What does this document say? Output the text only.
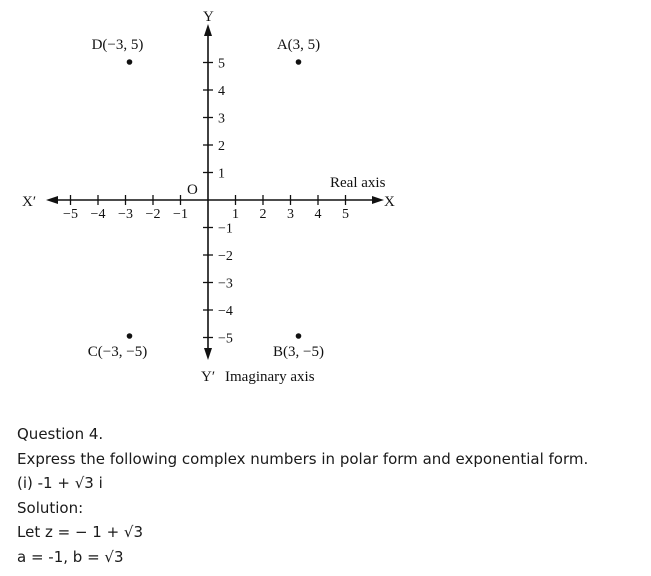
Y
X′	X
Real axis
O
Y′ Imaginary axis
−5 −4 −3 −2 −1	1 2 3 4 5
5
4
3
2
1
−1
−2
−3
−4
−5
A(3, 5)
B(3, −5)
C(−3, −5)
D(−3, 5)
Question 4.
Express the following complex numbers in polar form and exponential form.
(i) -1 + √3 i
Solution:
Let z = − 1 + √3
a = -1, b = √3
